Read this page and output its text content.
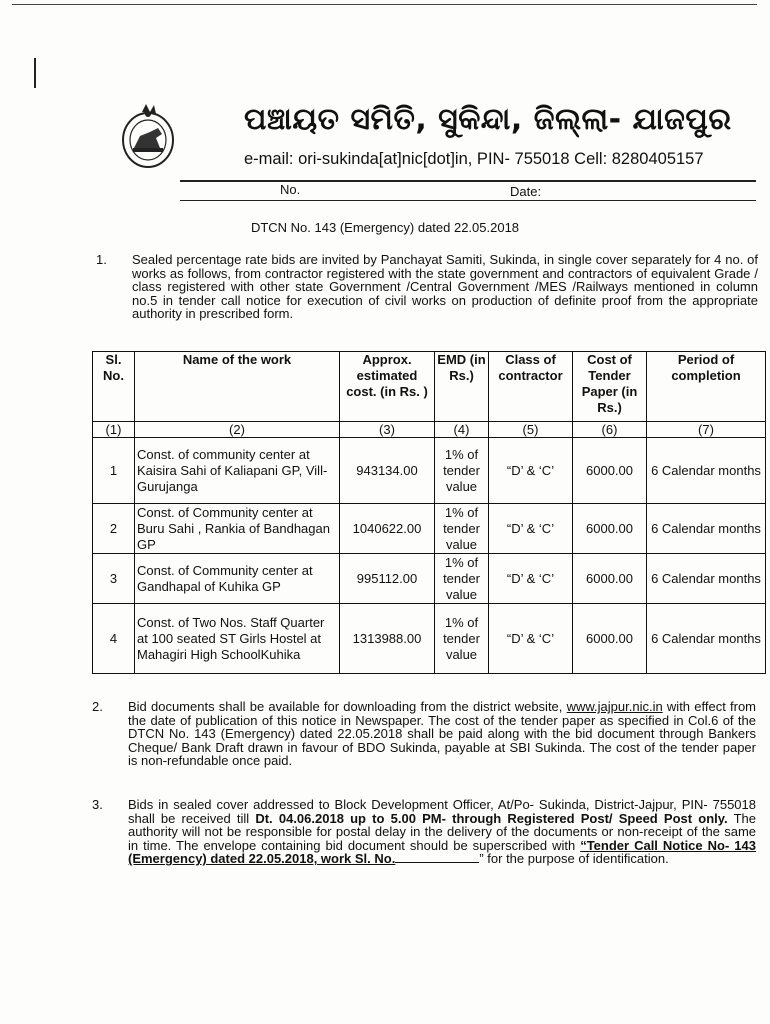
ପଞ୍ଚାୟତ ସମିତି, ସୁକିନ୍ଦା, ଜିଲ୍ଲା- ଯାଜପୁର
e-mail: ori-sukinda[at]nic[dot]in, PIN- 755018 Cell: 8280405157
No.	Date:
DTCN No. 143 (Emergency) dated 22.05.2018
1. Sealed percentage rate bids are invited by Panchayat Samiti, Sukinda, in single cover separately for 4 no. of works as follows, from contractor registered with the state government and contractors of equivalent Grade / class registered with other state Government /Central Government /MES /Railways mentioned in column no.5 in tender call notice for execution of civil works on production of definite proof from the appropriate authority in prescribed form.
Sl. No.	Name of the work	Approx. estimated cost. (in Rs. )	EMD (in Rs.)	Class of contractor	Cost of Tender Paper (in Rs.)	Period of completion
(1)	(2)	(3)	(4)	(5)	(6)	(7)
1	Const. of community center at Kaisira Sahi of Kaliapani GP, Vill-Gurujanga	943134.00	1% of tender value	“D’ & ‘C’	6000.00	6 Calendar months
2	Const. of Community center at Buru Sahi , Rankia of Bandhagan GP	1040622.00	1% of tender value	“D’ & ‘C’	6000.00	6 Calendar months
3	Const. of Community center at Gandhapal of Kuhika GP	995112.00	1% of tender value	“D’ & ‘C’	6000.00	6 Calendar months
4	Const. of Two Nos. Staff Quarter at 100 seated ST Girls Hostel at Mahagiri High SchoolKuhika	1313988.00	1% of tender value	“D’ & ‘C’	6000.00	6 Calendar months
2. Bid documents shall be available for downloading from the district website, www.jajpur.nic.in with effect from the date of publication of this notice in Newspaper. The cost of the tender paper as specified in Col.6 of the DTCN No. 143 (Emergency) dated 22.05.2018 shall be paid along with the bid document through Bankers Cheque/ Bank Draft drawn in favour of BDO Sukinda, payable at SBI Sukinda. The cost of the tender paper is non-refundable once paid.
3. Bids in sealed cover addressed to Block Development Officer, At/Po- Sukinda, District-Jajpur, PIN- 755018 shall be received till Dt. 04.06.2018 up to 5.00 PM- through Registered Post/ Speed Post only. The authority will not be responsible for postal delay in the delivery of the documents or non-receipt of the same in time. The envelope containing bid document should be superscribed with “Tender Call Notice No- 143 (Emergency) dated 22.05.2018, work Sl. No.	” for the purpose of identification.
